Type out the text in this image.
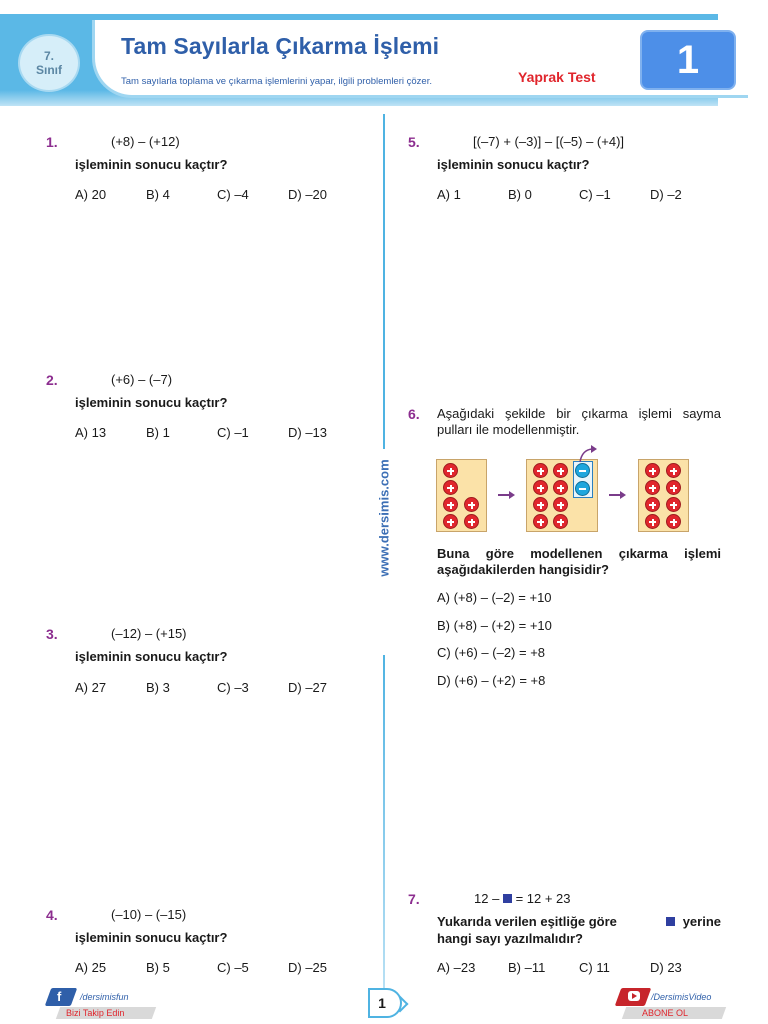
7.
Sınıf
Tam Sayılarla Çıkarma İşlemi
Tam sayılarla toplama ve çıkarma işlemlerini yapar, ilgili problemleri çözer.	Yaprak Test	1
www.dersimis.com
1.	(+8) – (+12)
işleminin sonucu kaçtır?
A) 20	B) 4	C) –4	D) –20
2.	(+6) – (–7)
işleminin sonucu kaçtır?
A) 13	B) 1	C) –1	D) –13
3.	(–12) – (+15)
işleminin sonucu kaçtır?
A) 27	B) 3	C) –3	D) –27
4.	(–10) – (–15)
işleminin sonucu kaçtır?
A) 25	B) 5	C) –5	D) –25
5.	[(–7) + (–3)] – [(–5) – (+4)]
işleminin sonucu kaçtır?
A) 1	B) 0	C) –1	D) –2
6. Aşağıdaki şekilde bir çıkarma işlemi sayma pulları ile modellenmiştir.
Buna göre modellenen çıkarma işlemi aşağıdakilerden hangisidir?
A) (+8) – (–2) = +10
B) (+8) – (+2) = +10
C) (+6) – (–2) = +8
D) (+6) – (+2) = +8
7.	12 – = 12 + 23
Yukarıda verilen eşitliğe göre	yerine
hangi sayı yazılmalıdır?
A) –23	B) –11	C) 11	D) 23
f /dersimisfun
Bizi Takip Edin
1	/DersimisVideo
ABONE OL
